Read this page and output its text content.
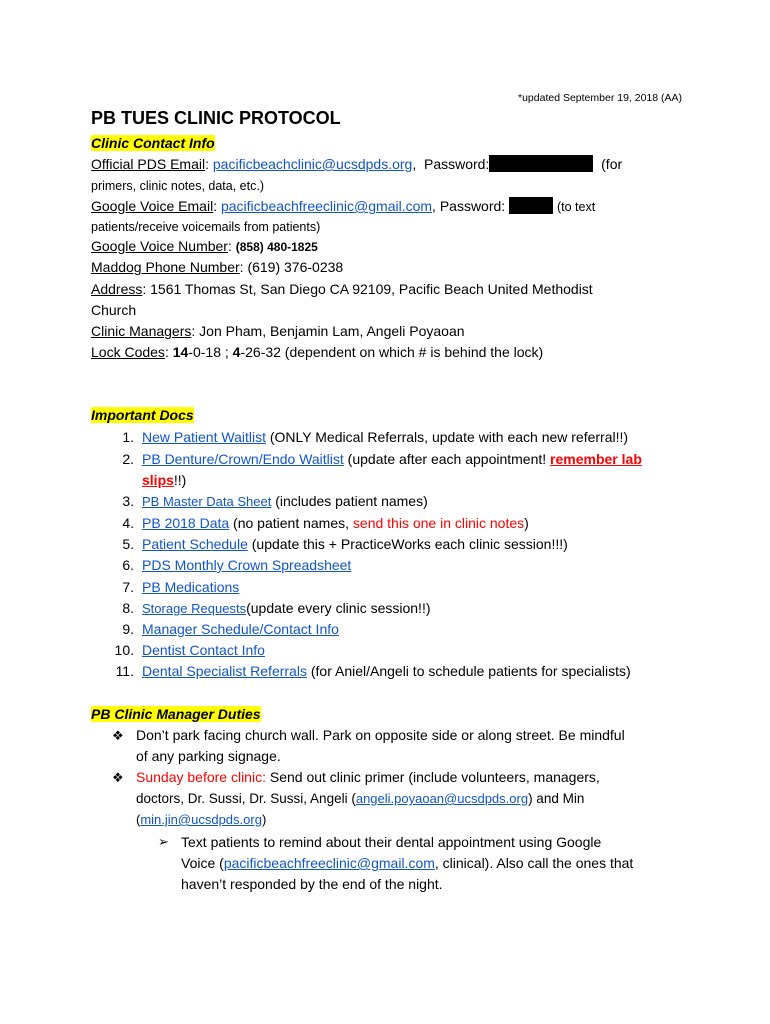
*updated September 19, 2018 (AA)
PB TUES CLINIC PROTOCOL
Clinic Contact Info
Official PDS Email: pacificbeachclinic@ucsdpds.org,  Password:	(for
primers, clinic notes, data, etc.)
Google Voice Email: pacificbeachfreeclinic@gmail.com, Password:	(to text
patients/receive voicemails from patients)
Google Voice Number: (858) 480-1825
Maddog Phone Number: (619) 376-0238
Address: 1561 Thomas St, San Diego CA 92109, Pacific Beach United Methodist
Church
Clinic Managers: Jon Pham, Benjamin Lam, Angeli Poyaoan
Lock Codes: 14-0-18 ; 4-26-32 (dependent on which # is behind the lock)
Important Docs
1. New Patient Waitlist (ONLY Medical Referrals, update with each new referral!!)
2. PB Denture/Crown/Endo Waitlist (update after each appointment! remember lab
slips!!)
3. PB Master Data Sheet (includes patient names)
4. PB 2018 Data (no patient names, send this one in clinic notes)
5. Patient Schedule (update this + PracticeWorks each clinic session!!!)
6. PDS Monthly Crown Spreadsheet
7. PB Medications
8. Storage Requests(update every clinic session!!)
9. Manager Schedule/Contact Info
10. Dentist Contact Info
11. Dental Specialist Referrals (for Aniel/Angeli to schedule patients for specialists)
PB Clinic Manager Duties
❖ Don’t park facing church wall. Park on opposite side or along street. Be mindful
of any parking signage.
❖ Sunday before clinic: Send out clinic primer (include volunteers, managers,
doctors, Dr. Sussi, Dr. Sussi, Angeli (angeli.poyaoan@ucsdpds.org) and Min
(min.jin@ucsdpds.org)
➢ Text patients to remind about their dental appointment using Google
Voice (pacificbeachfreeclinic@gmail.com, clinical). Also call the ones that
haven’t responded by the end of the night.
